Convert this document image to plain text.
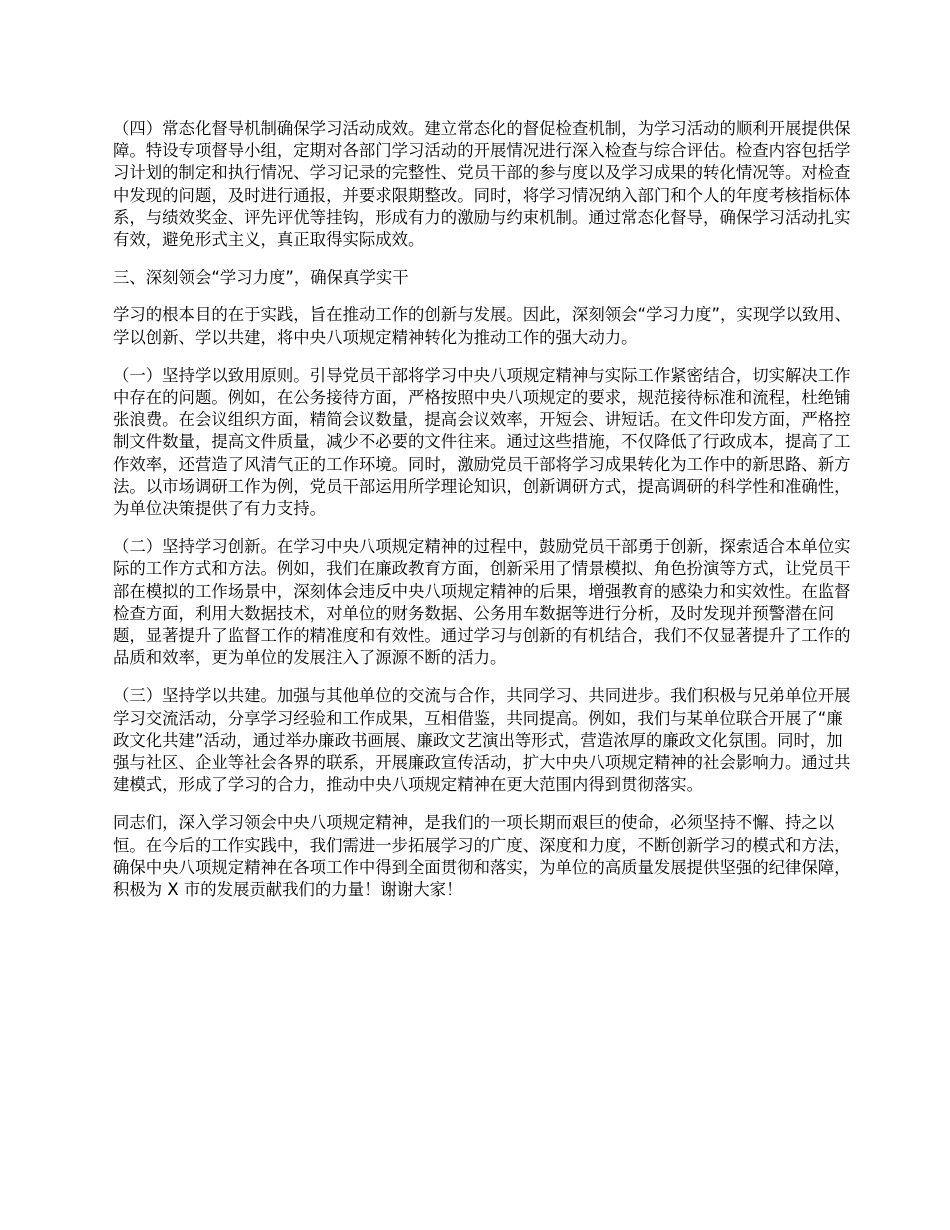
（四）常态化督导机制确保学习活动成效。建立常态化的督促检查机制，为学习活动的顺利开展提供保障。特设专项督导小组，定期对各部门学习活动的开展情况进行深入检查与综合评估。检查内容包括学习计划的制定和执行情况、学习记录的完整性、党员干部的参与度以及学习成果的转化情况等。对检查中发现的问题，及时进行通报，并要求限期整改。同时，将学习情况纳入部门和个人的年度考核指标体系，与绩效奖金、评先评优等挂钩，形成有力的激励与约束机制。通过常态化督导，确保学习活动扎实有效，避免形式主义，真正取得实际成效。

三、深刻领会“学习力度”，确保真学实干

学习的根本目的在于实践，旨在推动工作的创新与发展。因此，深刻领会“学习力度”，实现学以致用、学以创新、学以共建，将中央八项规定精神转化为推动工作的强大动力。

（一）坚持学以致用原则。引导党员干部将学习中央八项规定精神与实际工作紧密结合，切实解决工作中存在的问题。例如，在公务接待方面，严格按照中央八项规定的要求，规范接待标准和流程，杜绝铺张浪费。在会议组织方面，精简会议数量，提高会议效率，开短会、讲短话。在文件印发方面，严格控制文件数量，提高文件质量，减少不必要的文件往来。通过这些措施，不仅降低了行政成本，提高了工作效率，还营造了风清气正的工作环境。同时，激励党员干部将学习成果转化为工作中的新思路、新方法。以市场调研工作为例，党员干部运用所学理论知识，创新调研方式，提高调研的科学性和准确性，为单位决策提供了有力支持。

（二）坚持学习创新。在学习中央八项规定精神的过程中，鼓励党员干部勇于创新，探索适合本单位实际的工作方式和方法。例如，我们在廉政教育方面，创新采用了情景模拟、角色扮演等方式，让党员干部在模拟的工作场景中，深刻体会违反中央八项规定精神的后果，增强教育的感染力和实效性。在监督检查方面，利用大数据技术，对单位的财务数据、公务用车数据等进行分析，及时发现并预警潜在问题，显著提升了监督工作的精准度和有效性。通过学习与创新的有机结合，我们不仅显著提升了工作的品质和效率，更为单位的发展注入了源源不断的活力。

（三）坚持学以共建。加强与其他单位的交流与合作，共同学习、共同进步。我们积极与兄弟单位开展学习交流活动，分享学习经验和工作成果，互相借鉴，共同提高。例如，我们与某单位联合开展了“廉政文化共建”活动，通过举办廉政书画展、廉政文艺演出等形式，营造浓厚的廉政文化氛围。同时，加强与社区、企业等社会各界的联系，开展廉政宣传活动，扩大中央八项规定精神的社会影响力。通过共建模式，形成了学习的合力，推动中央八项规定精神在更大范围内得到贯彻落实。

同志们，深入学习领会中央八项规定精神，是我们的一项长期而艰巨的使命，必须坚持不懈、持之以恒。在今后的工作实践中，我们需进一步拓展学习的广度、深度和力度，不断创新学习的模式和方法，确保中央八项规定精神在各项工作中得到全面贯彻和落实，为单位的高质量发展提供坚强的纪律保障，积极为 X 市的发展贡献我们的力量！谢谢大家！
